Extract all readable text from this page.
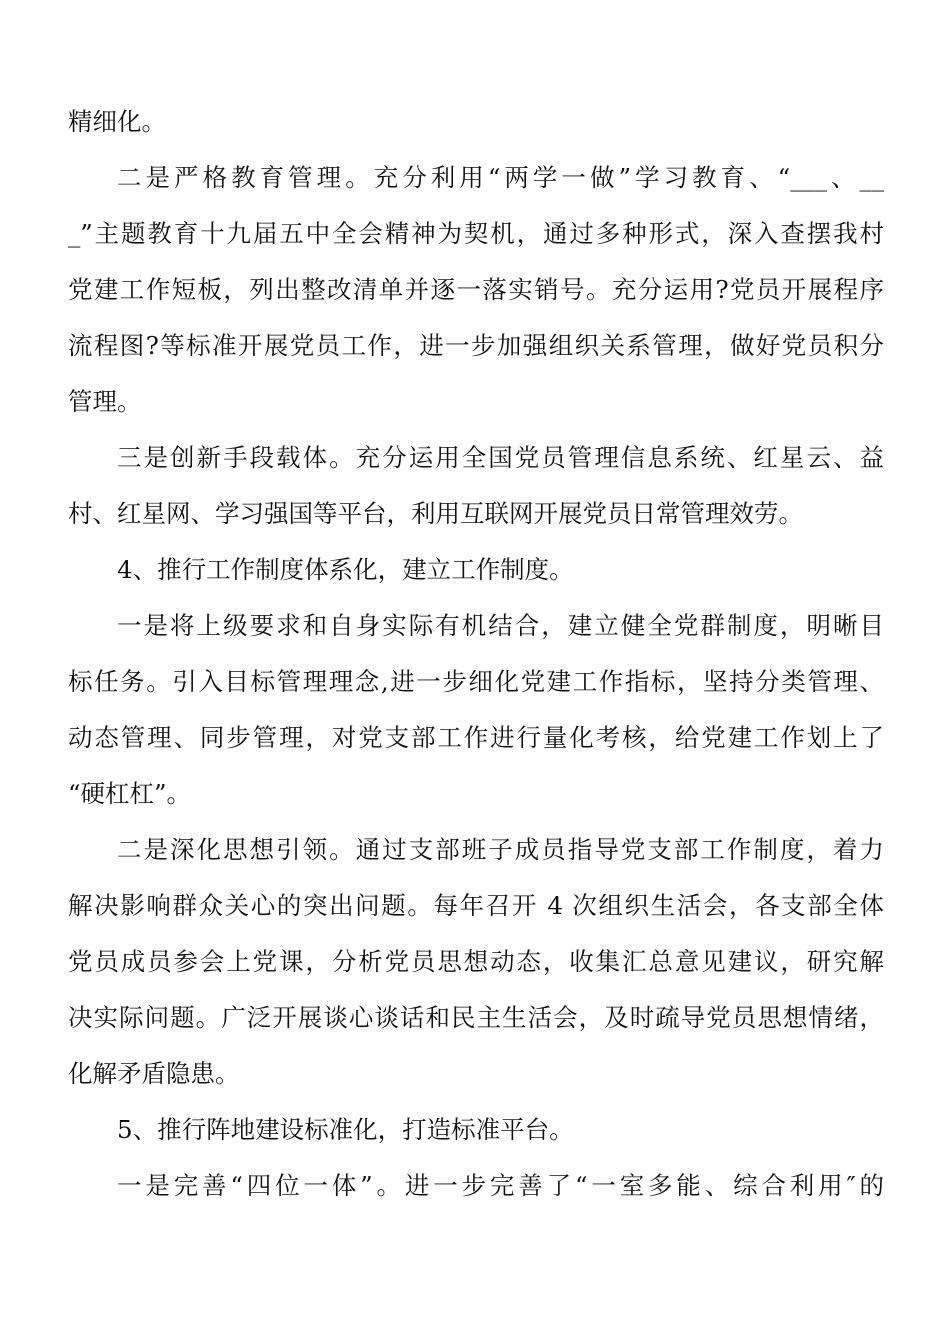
精细化。
二是严格教育管理。充分利用“两学一做”学习教育、“___、__
_”主题教育十九届五中全会精神为契机，通过多种形式，深入查摆我村
党建工作短板，列出整改清单并逐一落实销号。充分运用?党员开展程序
流程图?等标准开展党员工作，进一步加强组织关系管理，做好党员积分
管理。
三是创新手段载体。充分运用全国党员管理信息系统、红星云、益
村、红星网、学习强国等平台，利用互联网开展党员日常管理效劳。
4、推行工作制度体系化，建立工作制度。
一是将上级要求和自身实际有机结合，建立健全党群制度，明晰目
标任务。引入目标管理理念,进一步细化党建工作指标，坚持分类管理、
动态管理、同步管理，对党支部工作进行量化考核，给党建工作划上了
“硬杠杠”。
二是深化思想引领。通过支部班子成员指导党支部工作制度，着力
解决影响群众关心的突出问题。每年召开 4 次组织生活会，各支部全体
党员成员参会上党课，分析党员思想动态，收集汇总意见建议，研究解
决实际问题。广泛开展谈心谈话和民主生活会，及时疏导党员思想情绪，
化解矛盾隐患。
5、推行阵地建设标准化，打造标准平台。
一是完善“四位一体”。进一步完善了“一室多能、综合利用″的
